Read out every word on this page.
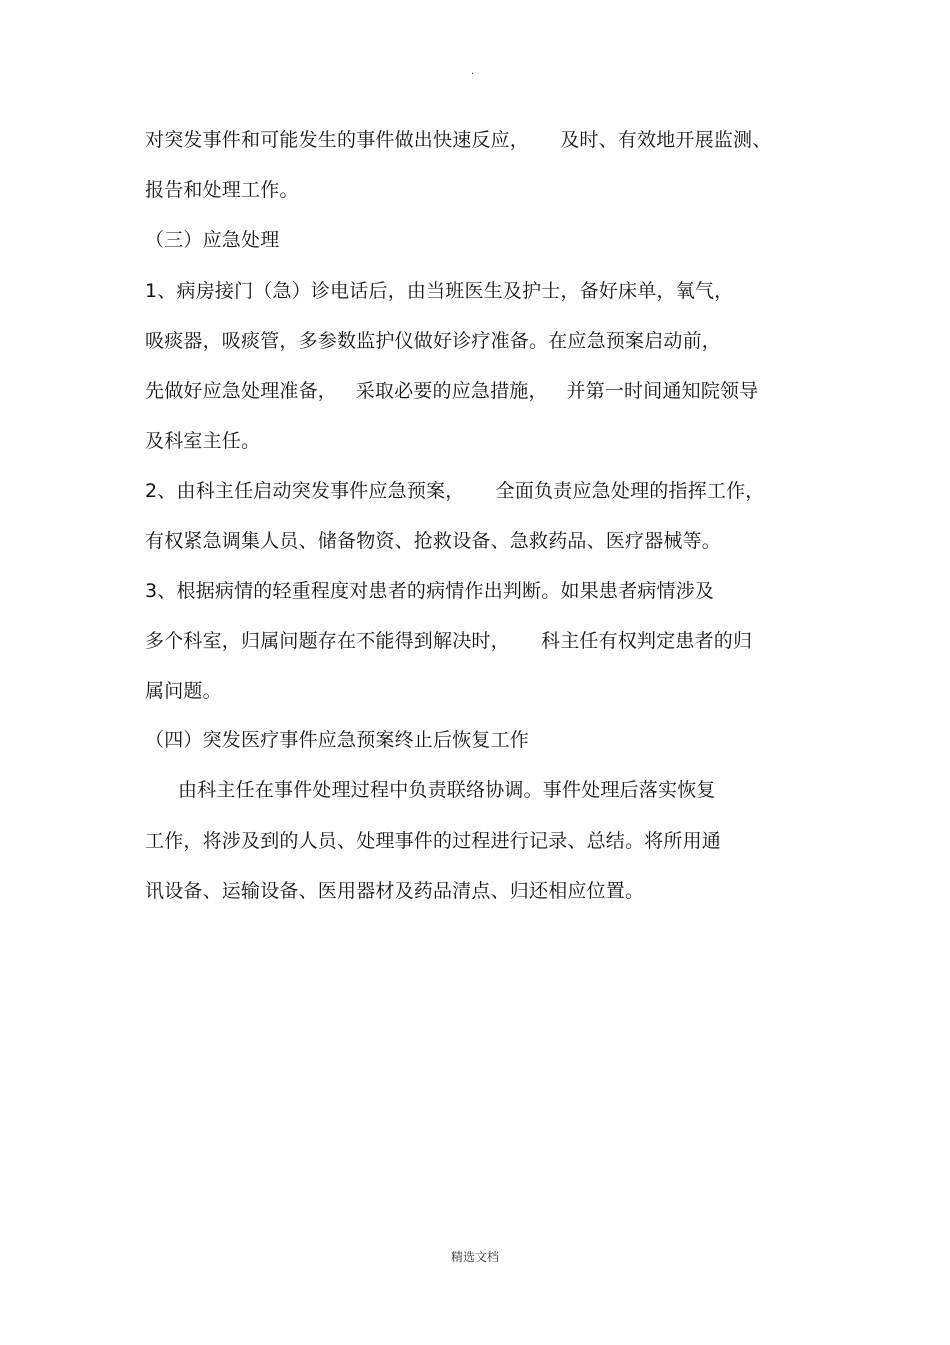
·
对突发事件和可能发生的事件做出快速反应，     及时、有效地开展监测、
报告和处理工作。
（三）应急处理
1、病房接门（急）诊电话后，由当班医生及护士，备好床单，氧气，
吸痰器，吸痰管，多参数监护仪做好诊疗准备。在应急预案启动前，
先做好应急处理准备，   采取必要的应急措施，   并第一时间通知院领导
及科室主任。
2、由科主任启动突发事件应急预案，     全面负责应急处理的指挥工作，
有权紧急调集人员、储备物资、抢救设备、急救药品、医疗器械等。
3、根据病情的轻重程度对患者的病情作出判断。如果患者病情涉及
多个科室，归属问题存在不能得到解决时，     科主任有权判定患者的归
属问题。
（四）突发医疗事件应急预案终止后恢复工作
由科主任在事件处理过程中负责联络协调。事件处理后落实恢复
工作，将涉及到的人员、处理事件的过程进行记录、总结。将所用通
讯设备、运输设备、医用器材及药品清点、归还相应位置。
精选文档
